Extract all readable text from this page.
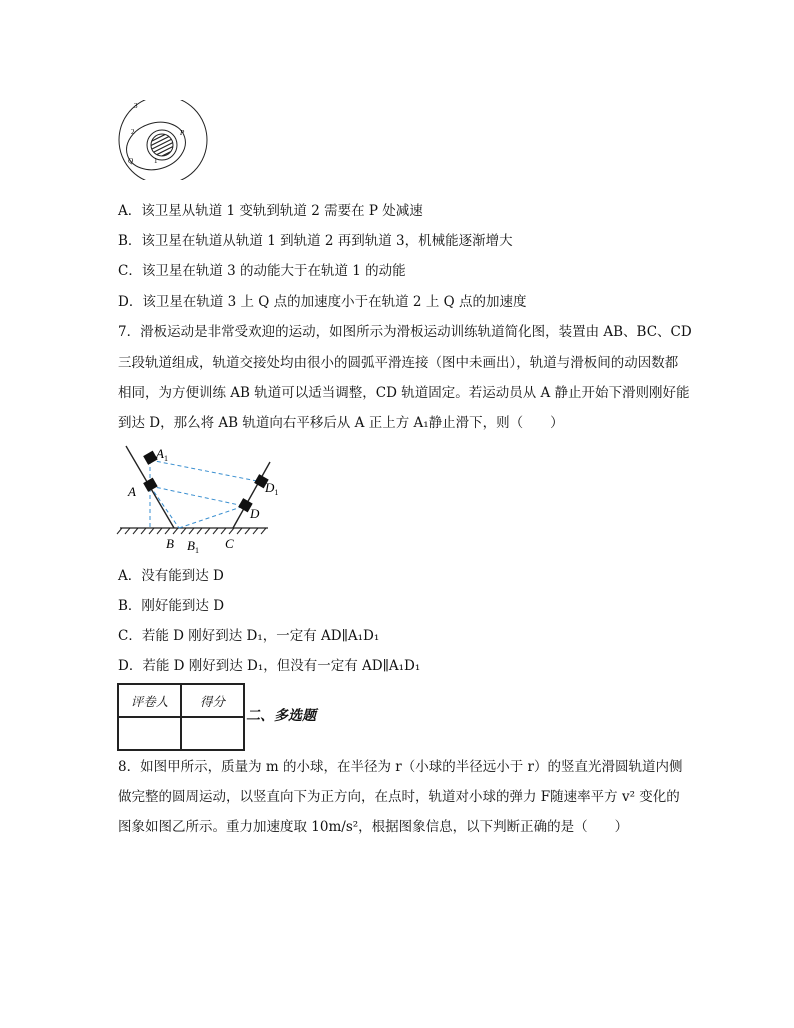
3
2
1
P
Q
A．该卫星从轨道 1 变轨到轨道 2 需要在 P 处减速
B．该卫星在轨道从轨道 1 到轨道 2 再到轨道 3，机械能逐渐增大
C．该卫星在轨道 3 的动能大于在轨道 1 的动能
D．该卫星在轨道 3 上 Q 点的加速度小于在轨道 2 上 Q 点的加速度
7．滑板运动是非常受欢迎的运动，如图所示为滑板运动训练轨道简化图，装置由 AB、BC、CD
三段轨道组成，轨道交接处均由很小的圆弧平滑连接（图中未画出），轨道与滑板间的动因数都
相同，为方便训练 AB 轨道可以适当调整，CD 轨道固定。若运动员从 A 静止开始下滑则刚好能
到达 D，那么将 AB 轨道向右平移后从 A 正上方 A₁静止滑下，则（　　）
$A_1$
A	$D_1$
D
B $B_1$ C
A．没有能到达 D
B．刚好能到达 D
C．若能 D 刚好到达 D₁，一定有 AD∥A₁D₁
D．若能 D 刚好到达 D₁，但没有一定有 AD∥A₁D₁
评卷人	得分

二、多选题
8．如图甲所示，质量为 m 的小球，在半径为 r（小球的半径远小于 r）的竖直光滑圆轨道内侧
做完整的圆周运动，以竖直向下为正方向，在点时，轨道对小球的弹力 F随速率平方 v² 变化的
图象如图乙所示。重力加速度取 10m/s²，根据图象信息，以下判断正确的是（　　）
